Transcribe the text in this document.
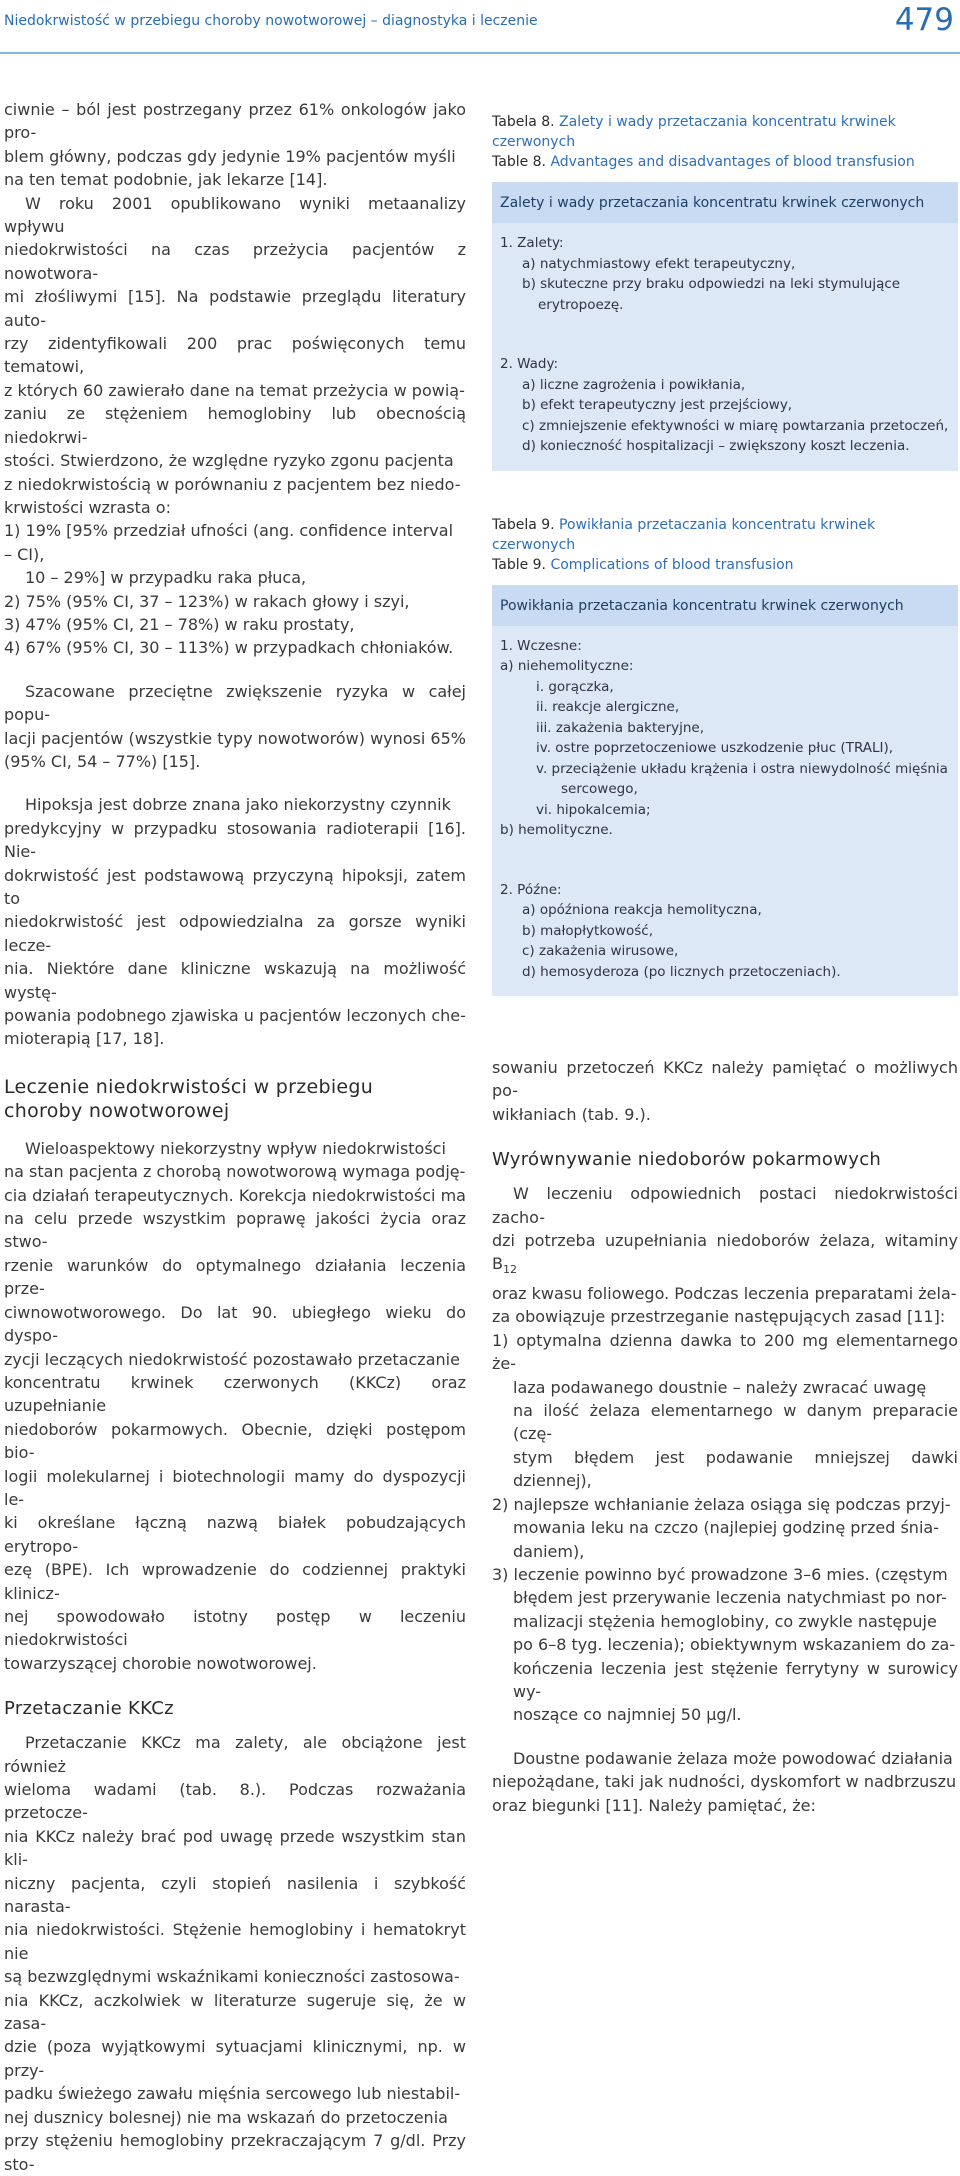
Niedokrwistość w przebiegu choroby nowotworowej – diagnostyka i leczenie	479

ciwnie – ból jest postrzegany przez 61% onkologów jako pro-

blem główny, podczas gdy jedynie 19% pacjentów myśli

na ten temat podobnie, jak lekarze [14].

W roku 2001 opublikowano wyniki metaanalizy wpływu

niedokrwistości na czas przeżycia pacjentów z nowotwora-

mi złośliwymi [15]. Na podstawie przeglądu literatury auto-

rzy zidentyfikowali 200 prac poświęconych temu tematowi,

z których 60 zawierało dane na temat przeżycia w powią-

zaniu ze stężeniem hemoglobiny lub obecnością niedokrwi-

stości. Stwierdzono, że względne ryzyko zgonu pacjenta

z niedokrwistością w porównaniu z pacjentem bez niedo-

krwistości wzrasta o:

1) 19% [95% przedział ufności (ang. confidence interval – CI),

10 – 29%] w przypadku raka płuca,

2) 75% (95% CI, 37 – 123%) w rakach głowy i szyi,

3) 47% (95% CI, 21 – 78%) w raku prostaty,

4) 67% (95% CI, 30 – 113%) w przypadkach chłoniaków.

Szacowane przeciętne zwiększenie ryzyka w całej popu-

lacji pacjentów (wszystkie typy nowotworów) wynosi 65%

(95% CI, 54 – 77%) [15].

Hipoksja jest dobrze znana jako niekorzystny czynnik

predykcyjny w przypadku stosowania radioterapii [16]. Nie-

dokrwistość jest podstawową przyczyną hipoksji, zatem to

niedokrwistość jest odpowiedzialna za gorsze wyniki lecze-

nia. Niektóre dane kliniczne wskazują na możliwość wystę-

powania podobnego zjawiska u pacjentów leczonych che-

mioterapią [17, 18].

Leczenie niedokrwistości w przebiegu

choroby nowotworowej

Wieloaspektowy niekorzystny wpływ niedokrwistości

na stan pacjenta z chorobą nowotworową wymaga podję-

cia działań terapeutycznych. Korekcja niedokrwistości ma

na celu przede wszystkim poprawę jakości życia oraz stwo-

rzenie warunków do optymalnego działania leczenia prze-

ciwnowotworowego. Do lat 90. ubiegłego wieku do dyspo-

zycji leczących niedokrwistość pozostawało przetaczanie

koncentratu krwinek czerwonych (KKCz) oraz uzupełnianie

niedoborów pokarmowych. Obecnie, dzięki postępom bio-

logii molekularnej i biotechnologii mamy do dyspozycji le-

ki określane łączną nazwą białek pobudzających erytropo-

ezę (BPE). Ich wprowadzenie do codziennej praktyki klinicz-

nej spowodowało istotny postęp w leczeniu niedokrwistości

towarzyszącej chorobie nowotworowej.

Przetaczanie KKCz

Przetaczanie KKCz ma zalety, ale obciążone jest również

wieloma wadami (tab. 8.). Podczas rozważania przetocze-

nia KKCz należy brać pod uwagę przede wszystkim stan kli-

niczny pacjenta, czyli stopień nasilenia i szybkość narasta-

nia niedokrwistości. Stężenie hemoglobiny i hematokryt nie

są bezwzględnymi wskaźnikami konieczności zastosowa-

nia KKCz, aczkolwiek w literaturze sugeruje się, że w zasa-

dzie (poza wyjątkowymi sytuacjami klinicznymi, np. w przy-

padku świeżego zawału mięśnia sercowego lub niestabil-

nej dusznicy bolesnej) nie ma wskazań do przetoczenia

przy stężeniu hemoglobiny przekraczającym 7 g/dl. Przy sto-

Tabela 8. Zalety i wady przetaczania koncentratu krwinek czerwonych

Table 8. Advantages and disadvantages of blood transfusion

Zalety i wady przetaczania koncentratu krwinek czerwonych

1. Zalety:

a) natychmiastowy efekt terapeutyczny,

b) skuteczne przy braku odpowiedzi na leki stymulujące

erytropoezę.

2. Wady:

a) liczne zagrożenia i powikłania,

b) efekt terapeutyczny jest przejściowy,

c) zmniejszenie efektywności w miarę powtarzania przetoczeń,

d) konieczność hospitalizacji – zwiększony koszt leczenia.

Tabela 9. Powikłania przetaczania koncentratu krwinek czerwonych

Table 9. Complications of blood transfusion

Powikłania przetaczania koncentratu krwinek czerwonych

1. Wczesne:

a) niehemolityczne:

i. gorączka,

ii. reakcje alergiczne,

iii. zakażenia bakteryjne,

iv. ostre poprzetoczeniowe uszkodzenie płuc (TRALI),

v. przeciążenie układu krążenia i ostra niewydolność mięśnia

sercowego,

vi. hipokalcemia;

b) hemolityczne.

2. Późne:

a) opóźniona reakcja hemolityczna,

b) małopłytkowość,

c) zakażenia wirusowe,

d) hemosyderoza (po licznych przetoczeniach).

sowaniu przetoczeń KKCz należy pamiętać o możliwych po-

wikłaniach (tab. 9.).

Wyrównywanie niedoborów pokarmowych

W leczeniu odpowiednich postaci niedokrwistości zacho-

dzi potrzeba uzupełniania niedoborów żelaza, witaminy $B_{12}$

oraz kwasu foliowego. Podczas leczenia preparatami żela-

za obowiązuje przestrzeganie następujących zasad [11]:

1) optymalna dzienna dawka to 200 mg elementarnego że-

laza podawanego doustnie – należy zwracać uwagę

na ilość żelaza elementarnego w danym preparacie (czę-

stym błędem jest podawanie mniejszej dawki dziennej),

2) najlepsze wchłanianie żelaza osiąga się podczas przyj-

mowania leku na czczo (najlepiej godzinę przed śnia-

daniem),

3) leczenie powinno być prowadzone 3–6 mies. (częstym

błędem jest przerywanie leczenia natychmiast po nor-

malizacji stężenia hemoglobiny, co zwykle następuje

po 6–8 tyg. leczenia); obiektywnym wskazaniem do za-

kończenia leczenia jest stężenie ferrytyny w surowicy wy-

noszące co najmniej 50 µg/l.

Doustne podawanie żelaza może powodować działania

niepożądane, taki jak nudności, dyskomfort w nadbrzuszu

oraz biegunki [11]. Należy pamiętać, że:
